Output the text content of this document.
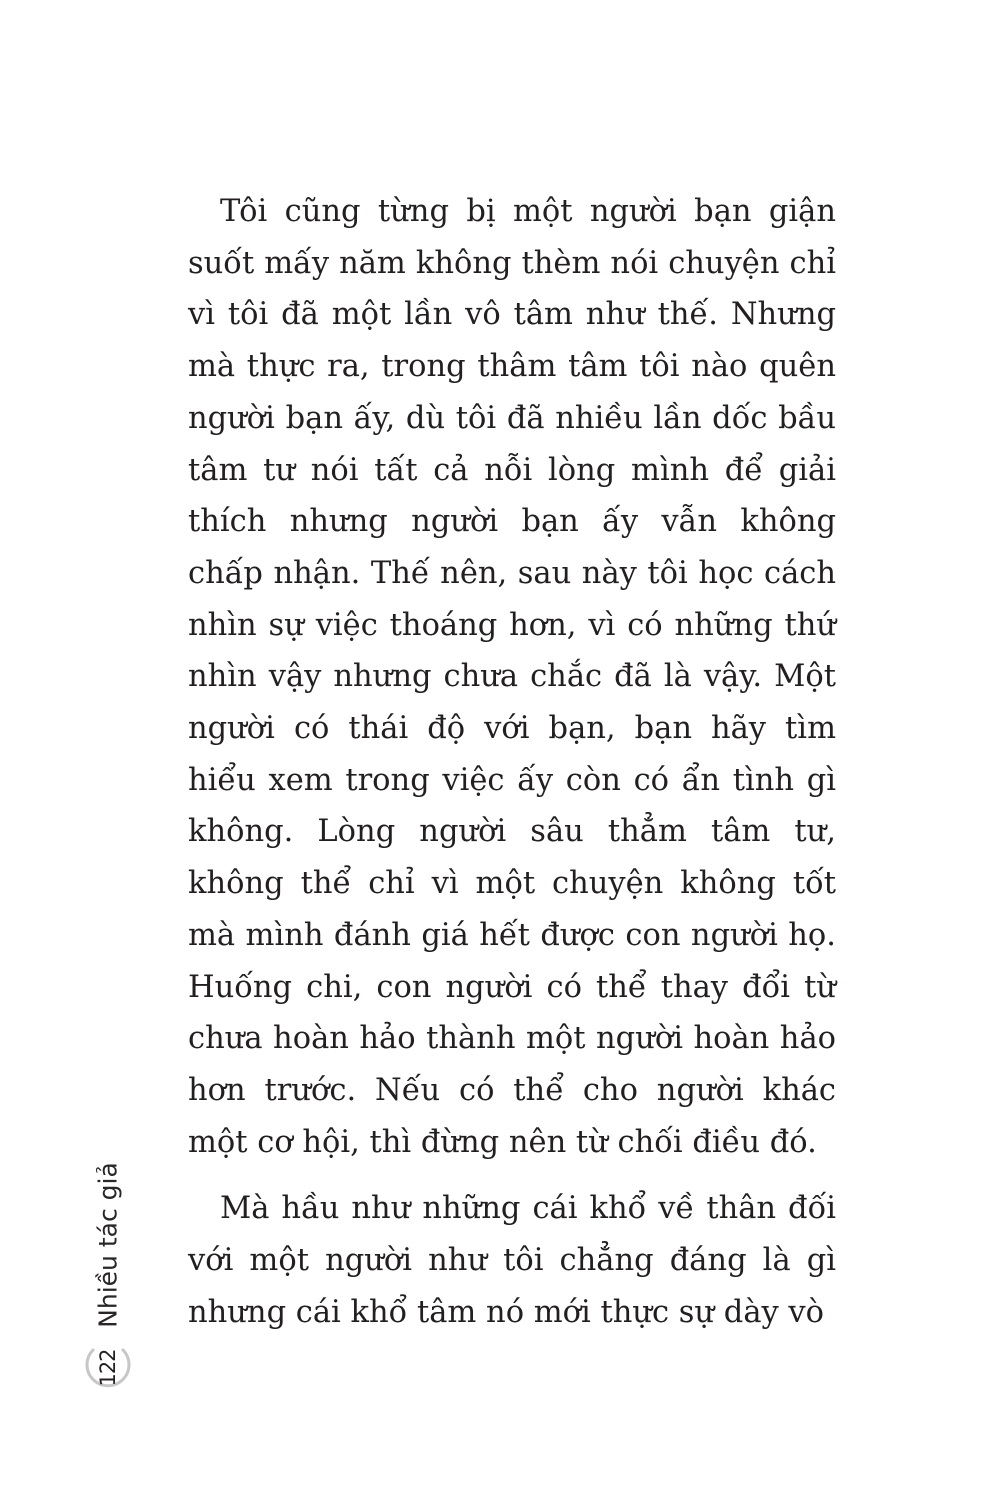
Tôi cũng từng bị một người bạn giận suốt mấy năm không thèm nói chuyện chỉ vì tôi đã một lần vô tâm như thế. Nhưng mà thực ra, trong thâm tâm tôi nào quên người bạn ấy, dù tôi đã nhiều lần dốc bầu tâm tư nói tất cả nỗi lòng mình để giải thích nhưng người bạn ấy vẫn không chấp nhận. Thế nên, sau này tôi học cách nhìn sự việc thoáng hơn, vì có những thứ nhìn vậy nhưng chưa chắc đã là vậy. Một người có thái độ với bạn, bạn hãy tìm hiểu xem trong việc ấy còn có ẩn tình gì không. Lòng người sâu thẳm tâm tư, không thể chỉ vì một chuyện không tốt mà mình đánh giá hết được con người họ. Huống chi, con người có thể thay đổi từ chưa hoàn hảo thành một người hoàn hảo hơn trước. Nếu có thể cho người khác một cơ hội, thì đừng nên từ chối điều đó.

Mà hầu như những cái khổ về thân đối với một người như tôi chẳng đáng là gì nhưng cái khổ tâm nó mới thực sự dày vò

Nhiều tác giả
122
